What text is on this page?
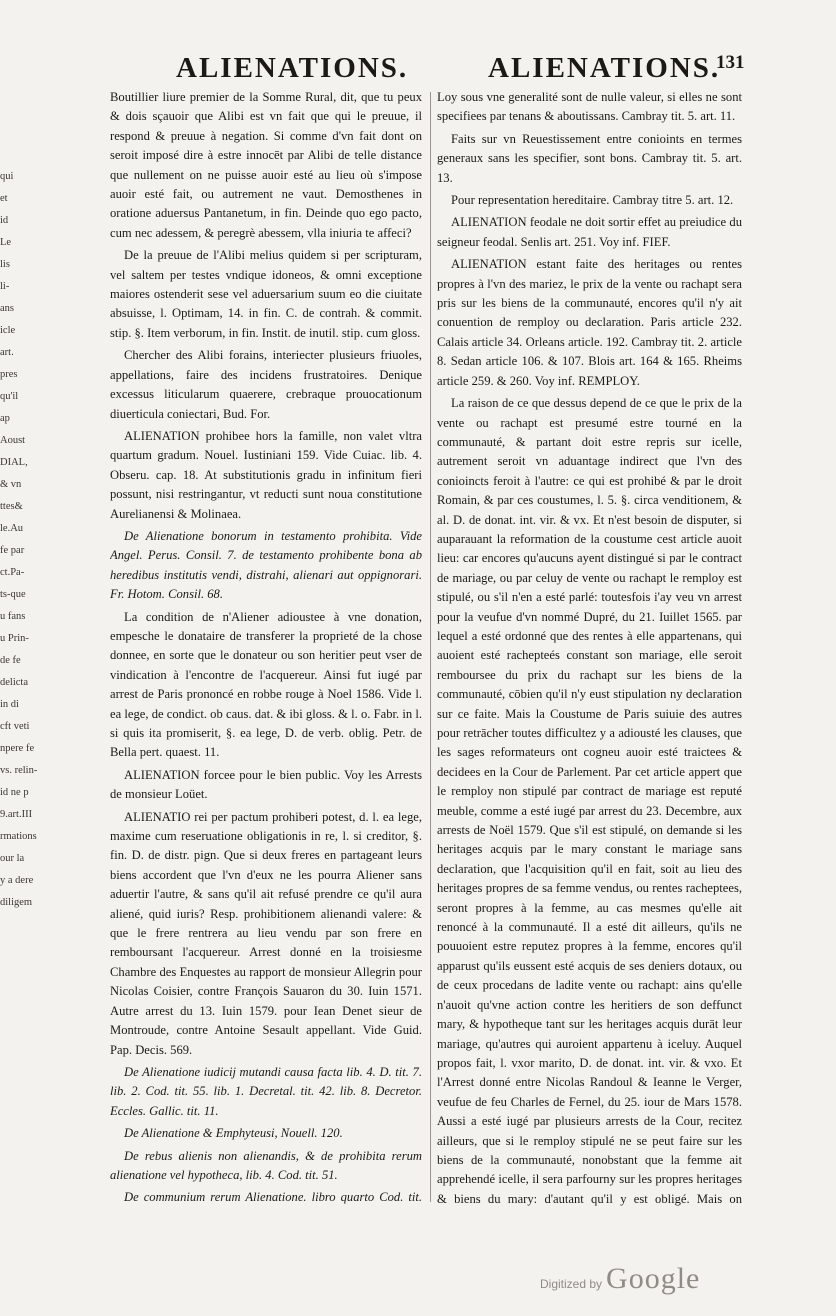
qui
et
id
Le
lis
li-
ans
icle
art.
pres
qu'il
ap
Aoust
DIAL,
& vn
ttes&
le.Au
fe par
ct.Pa-
ts-que
u fans
u Prin-
de fe
delicta
in di
cft veti
npere fe
vs. relin-
id ne p
9.art.III
rmations
our la
y a dere
diligem
ALIENATIONS.	ALIENATIONS.
131

Boutillier liure premier de la Somme Rural, dit, que tu peux & dois sçauoir que Alibi est vn fait que qui le preuue, il respond & preuue à negation. Si comme d'vn fait dont on seroit imposé dire à estre innocēt par Alibi de telle distance que nullement on ne puisse auoir esté au lieu où s'impose auoir esté fait, ou autrement ne vaut. Demosthenes in oratione aduersus Pantanetum, in fin. Deinde quo ego pacto, cum nec adessem, & peregrè abessem, vlla iniuria te affeci?

De la preuue de l'Alibi melius quidem si per scripturam, vel saltem per testes vndique idoneos, & omni exceptione maiores ostenderit sese vel aduersarium suum eo die ciuitate absuisse, l. Optimam, 14. in fin. C. de contrah. & commit. stip. §. Item verborum, in fin. Instit. de inutil. stip. cum gloss.

Chercher des Alibi forains, interiecter plusieurs friuoles, appellations, faire des incidens frustratoires. Denique excessus liticularum quaerere, crebraque prouocationum diuerticula coniectari, Bud. For.

ALIENATION prohibee hors la famille, non valet vltra quartum gradum. Nouel. Iustiniani 159. Vide Cuiac. lib. 4. Obseru. cap. 18. At substitutionis gradu in infinitum fieri possunt, nisi restringantur, vt reducti sunt noua constitutione Aurelianensi & Molinaea.

De Alienatione bonorum in testamento prohibita. Vide Angel. Perus. Consil. 7. de testamento prohibente bona ab heredibus institutis vendi, distrahi, alienari aut oppignorari. Fr. Hotom. Consil. 68.

La condition de n'Aliener adioustee à vne donation, empesche le donataire de transferer la proprieté de la chose donnee, en sorte que le donateur ou son heritier peut vser de vindication à l'encontre de l'acquereur. Ainsi fut iugé par arrest de Paris prononcé en robbe rouge à Noel 1586. Vide l. ea lege, de condict. ob caus. dat. & ibi gloss. & l. o. Fabr. in l. si quis ita promiserit, §. ea lege, D. de verb. oblig. Petr. de Bella pert. quaest. 11.

ALIENATION forcee pour le bien public. Voy les Arrests de monsieur Loüet.

ALIENATIO rei per pactum prohiberi potest, d. l. ea lege, maxime cum reseruatione obligationis in re, l. si creditor, §. fin. D. de distr. pign. Que si deux freres en partageant leurs biens accordent que l'vn d'eux ne les pourra Aliener sans aduertir l'autre, & sans qu'il ait refusé prendre ce qu'il aura aliené, quid iuris? Resp. prohibitionem alienandi valere: & que le frere rentrera au lieu vendu par son frere en remboursant l'acquereur. Arrest donné en la troisiesme Chambre des Enquestes au rapport de monsieur Allegrin pour Nicolas Coisier, contre François Sauaron du 30. Iuin 1571. Autre arrest du 13. Iuin 1579. pour Iean Denet sieur de Montroude, contre Antoine Sesault appellant. Vide Guid. Pap. Decis. 569.

De Alienatione iudicij mutandi causa facta lib. 4. D. tit. 7. lib. 2. Cod. tit. 55. lib. 1. Decretal. tit. 42. lib. 8. Decretor. Eccles. Gallic. tit. 11.

De Alienatione & Emphyteusi, Nouell. 120.

De rebus alienis non alienandis, & de prohibita rerum alienatione vel hypotheca, lib. 4. Cod. tit. 51.

De communium rerum Alienatione. libro quarto Cod. tit.

Loy sous vne generalité sont de nulle valeur, si elles ne sont specifiees par tenans & aboutissans. Cambray tit. 5. art. 11.

Faits sur vn Reuestissement entre conioints en termes generaux sans les specifier, sont bons. Cambray tit. 5. art. 13.

Pour representation hereditaire. Cambray titre 5. art. 12.

ALIENATION feodale ne doit sortir effet au preiudice du seigneur feodal. Senlis art. 251. Voy inf. FIEF.

ALIENATION estant faite des heritages ou rentes propres à l'vn des mariez, le prix de la vente ou rachapt sera pris sur les biens de la communauté, encores qu'il n'y ait conuention de remploy ou declaration. Paris article 232. Calais article 34. Orleans article. 192. Cambray tit. 2. article 8. Sedan article 106. & 107. Blois art. 164 & 165. Rheims article 259. & 260. Voy inf. REMPLOY.

La raison de ce que dessus depend de ce que le prix de la vente ou rachapt est presumé estre tourné en la communauté, & partant doit estre repris sur icelle, autrement seroit vn aduantage indirect que l'vn des conioincts feroit à l'autre: ce qui est prohibé & par le droit Romain, & par ces coustumes, l. 5. §. circa venditionem, & al. D. de donat. int. vir. & vx. Et n'est besoin de disputer, si auparauant la reformation de la coustume cest article auoit lieu: car encores qu'aucuns ayent distingué si par le contract de mariage, ou par celuy de vente ou rachapt le remploy est stipulé, ou s'il n'en a esté parlé: toutesfois i'ay veu vn arrest pour la veufue d'vn nommé Dupré, du 21. Iuillet 1565. par lequel a esté ordonné que des rentes à elle appartenans, qui auoient esté rachepteés constant son mariage, elle seroit remboursee du prix du rachapt sur les biens de la communauté, cōbien qu'il n'y eust stipulation ny declaration sur ce faite. Mais la Coustume de Paris suiuie des autres pour retrācher toutes difficultez y a adiousté les clauses, que les sages reformateurs ont cogneu auoir esté traictees & decidees en la Cour de Parlement. Par cet article appert que le remploy non stipulé par contract de mariage est reputé meuble, comme a esté iugé par arrest du 23. Decembre, aux arrests de Noël 1579. Que s'il est stipulé, on demande si les heritages acquis par le mary constant le mariage sans declaration, que l'acquisition qu'il en fait, soit au lieu des heritages propres de sa femme vendus, ou rentes racheptees, seront propres à la femme, au cas mesmes qu'elle ait renoncé à la communauté. Il a esté dit ailleurs, qu'ils ne pouuoient estre reputez propres à la femme, encores qu'il apparust qu'ils eussent esté acquis de ses deniers dotaux, ou de ceux procedans de ladite vente ou rachapt: ains qu'elle n'auoit qu'vne action contre les heritiers de son deffunct mary, & hypotheque tant sur les heritages acquis durāt leur mariage, qu'autres qui auroient appartenu à iceluy. Auquel propos fait, l. vxor marito, D. de donat. int. vir. & vxo. Et l'Arrest donné entre Nicolas Randoul & Ieanne le Verger, veufue de feu Charles de Fernel, du 25. iour de Mars 1578. Aussi a esté iugé par plusieurs arrests de la Cour, recitez ailleurs, que si le remploy stipulé ne se peut faire sur les biens de la communauté, nonobstant que la femme ait apprehendé icelle, il sera parfourny sur les propres heritages & biens du mary: d'autant qu'il y est obligé. Mais on

Digitized by Google
